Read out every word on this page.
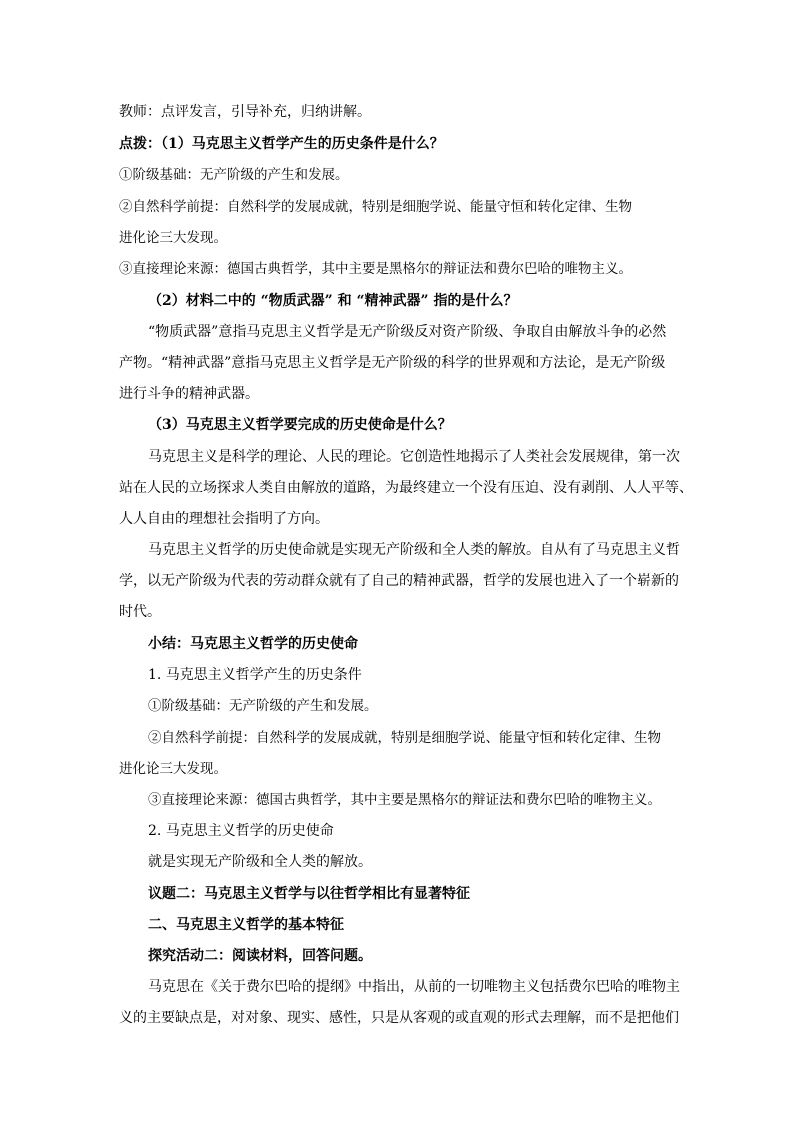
教师：点评发言，引导补充，归纳讲解。
点拨：（1）马克思主义哲学产生的历史条件是什么？
①阶级基础：无产阶级的产生和发展。
②自然科学前提：自然科学的发展成就，特别是细胞学说、能量守恒和转化定律、生物
进化论三大发现。
③直接理论来源：德国古典哲学，其中主要是黑格尔的辩证法和费尔巴哈的唯物主义。
（2）材料二中的 “物质武器” 和 “精神武器” 指的是什么？
“物质武器”意指马克思主义哲学是无产阶级反对资产阶级、争取自由解放斗争的必然
产物。“精神武器”意指马克思主义哲学是无产阶级的科学的世界观和方法论，是无产阶级
进行斗争的精神武器。
（3）马克思主义哲学要完成的历史使命是什么？
马克思主义是科学的理论、人民的理论。它创造性地揭示了人类社会发展规律，第一次
站在人民的立场探求人类自由解放的道路，为最终建立一个没有压迫、没有剥削、人人平等、
人人自由的理想社会指明了方向。
马克思主义哲学的历史使命就是实现无产阶级和全人类的解放。自从有了马克思主义哲
学，以无产阶级为代表的劳动群众就有了自己的精神武器，哲学的发展也进入了一个崭新的
时代。
小结：马克思主义哲学的历史使命
1. 马克思主义哲学产生的历史条件
①阶级基础：无产阶级的产生和发展。
②自然科学前提：自然科学的发展成就，特别是细胞学说、能量守恒和转化定律、生物
进化论三大发现。
③直接理论来源：德国古典哲学，其中主要是黑格尔的辩证法和费尔巴哈的唯物主义。
2. 马克思主义哲学的历史使命
就是实现无产阶级和全人类的解放。
议题二：马克思主义哲学与以往哲学相比有显著特征
二、马克思主义哲学的基本特征
探究活动二：阅读材料，回答问题。
马克思在《关于费尔巴哈的提纲》中指出，从前的一切唯物主义包括费尔巴哈的唯物主
义的主要缺点是，对对象、现实、感性，只是从客观的或直观的形式去理解，而不是把他们
